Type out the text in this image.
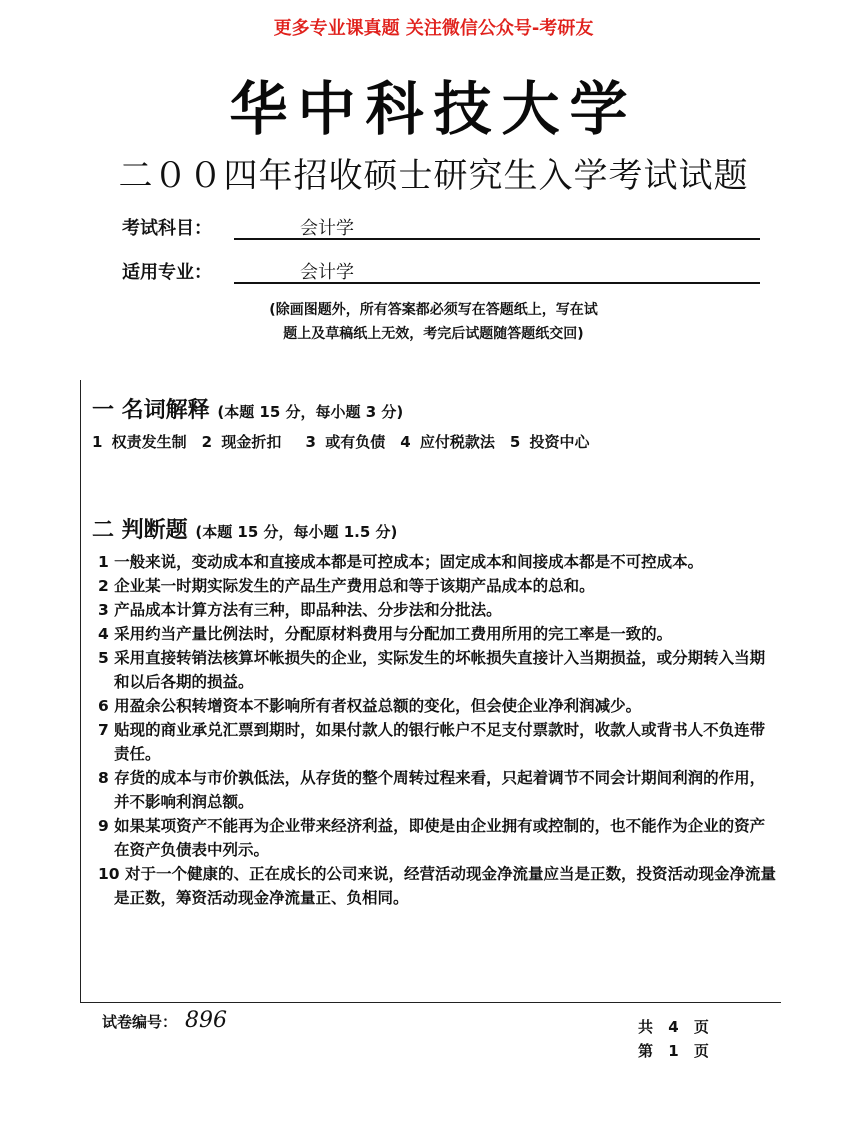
更多专业课真题 关注微信公众号-考研友
华中科技大学
二００四年招收硕士研究生入学考试试题
考试科目：	会计学
适用专业：	会计学
(除画图题外，所有答案都必须写在答题纸上，写在试
题上及草稿纸上无效，考完后试题随答题纸交回)
一 名词解释 (本题 15 分，每小题 3 分)
1 权责发生制　2 现金折扣　 3 或有负债　4 应付税款法　5 投资中心
二 判断题 (本题 15 分，每小题 1.5 分)
1 一般来说，变动成本和直接成本都是可控成本；固定成本和间接成本都是不可控成本。
2 企业某一时期实际发生的产品生产费用总和等于该期产品成本的总和。
3 产品成本计算方法有三种，即品种法、分步法和分批法。
4 采用约当产量比例法时，分配原材料费用与分配加工费用所用的完工率是一致的。
5 采用直接转销法核算坏帐损失的企业，实际发生的坏帐损失直接计入当期损益，或分期转入当期和以后各期的损益。
6 用盈余公积转增资本不影响所有者权益总额的变化，但会使企业净利润减少。
7 贴现的商业承兑汇票到期时，如果付款人的银行帐户不足支付票款时，收款人或背书人不负连带责任。
8 存货的成本与市价孰低法，从存货的整个周转过程来看，只起着调节不同会计期间利润的作用，并不影响利润总额。
9 如果某项资产不能再为企业带来经济利益，即使是由企业拥有或控制的，也不能作为企业的资产在资产负债表中列示。
10 对于一个健康的、正在成长的公司来说，经营活动现金净流量应当是正数，投资活动现金净流量是正数，筹资活动现金净流量正、负相同。
试卷编号： 896	共 4 页
第 1 页
